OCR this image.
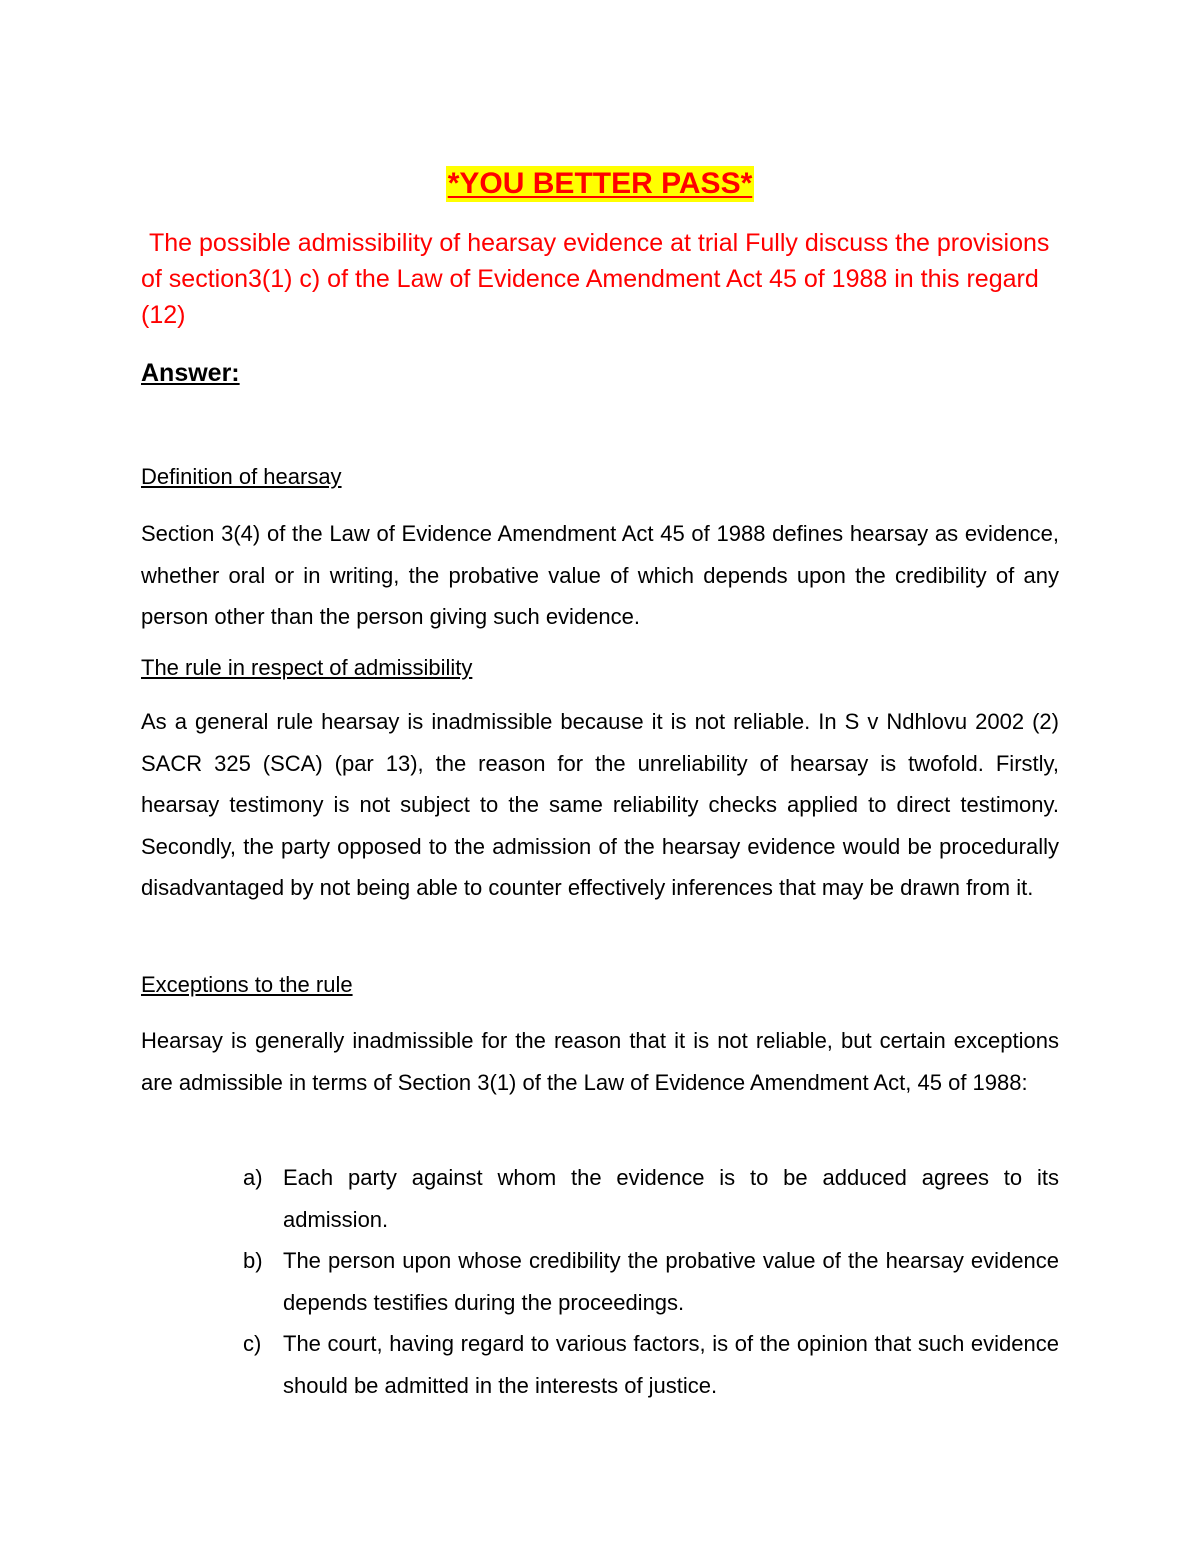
*YOU BETTER PASS*
The possible admissibility of hearsay evidence at trial Fully discuss the provisions of section3(1) c) of the Law of Evidence Amendment Act 45 of 1988 in this regard (12)
Answer:
Definition of hearsay
Section 3(4) of the Law of Evidence Amendment Act 45 of 1988 defines hearsay as evidence, whether oral or in writing, the probative value of which depends upon the credibility of any person other than the person giving such evidence.
The rule in respect of admissibility
As a general rule hearsay is inadmissible because it is not reliable. In S v Ndhlovu 2002 (2) SACR 325 (SCA) (par 13), the reason for the unreliability of hearsay is twofold. Firstly, hearsay testimony is not subject to the same reliability checks applied to direct testimony. Secondly, the party opposed to the admission of the hearsay evidence would be procedurally disadvantaged by not being able to counter effectively inferences that may be drawn from it.
Exceptions to the rule
Hearsay is generally inadmissible for the reason that it is not reliable, but certain exceptions are admissible in terms of Section 3(1) of the Law of Evidence Amendment Act, 45 of 1988:
a) Each party against whom the evidence is to be adduced agrees to its admission.
b) The person upon whose credibility the probative value of the hearsay evidence depends testifies during the proceedings.
c) The court, having regard to various factors, is of the opinion that such evidence should be admitted in the interests of justice.
